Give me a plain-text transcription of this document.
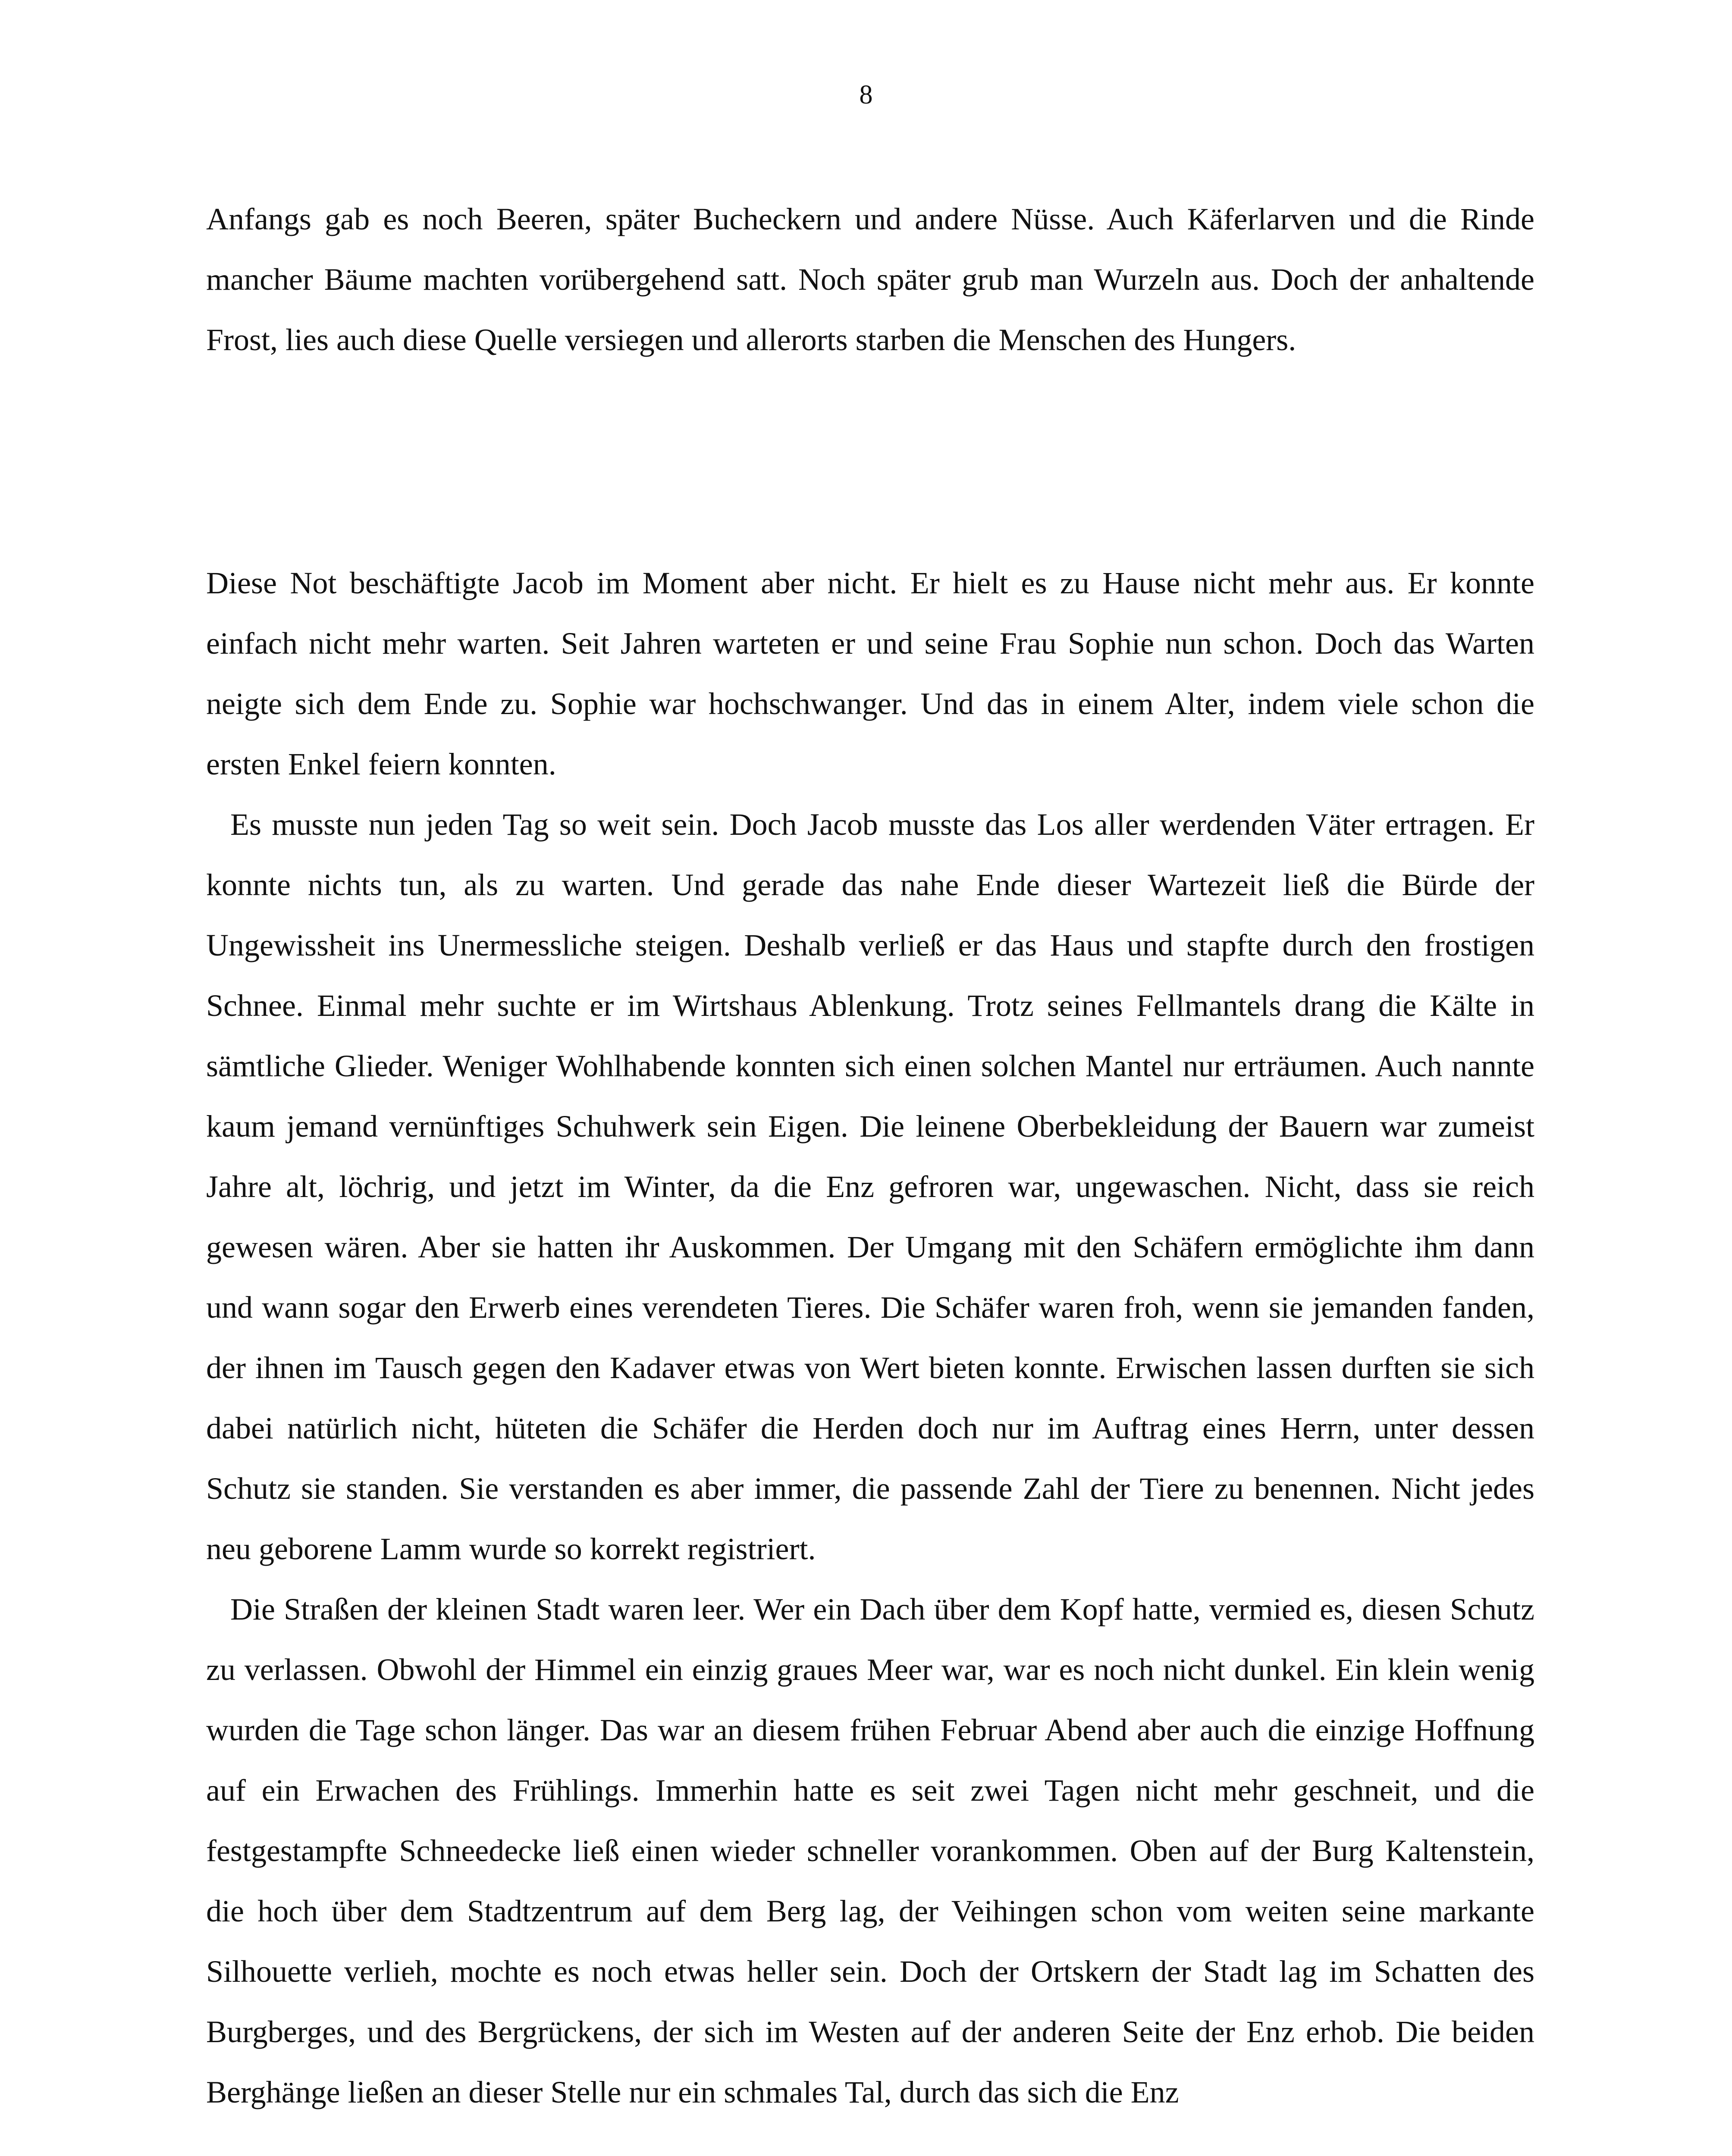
8

Anfangs gab es noch Beeren, später Bucheckern und andere Nüsse. Auch Käferlarven und die Rinde mancher Bäume machten vorübergehend satt. Noch später grub man Wurzeln aus. Doch der anhaltende Frost, lies auch diese Quelle versiegen und allerorts starben die Menschen des Hungers.

Diese Not beschäftigte Jacob im Moment aber nicht. Er hielt es zu Hause nicht mehr aus. Er konnte einfach nicht mehr warten. Seit Jahren warteten er und seine Frau Sophie nun schon. Doch das Warten neigte sich dem Ende zu. Sophie war hochschwanger. Und das in einem Alter, indem viele schon die ersten Enkel feiern konnten.

Es musste nun jeden Tag so weit sein. Doch Jacob musste das Los aller werdenden Väter ertragen. Er konnte nichts tun, als zu warten. Und gerade das nahe Ende dieser Wartezeit ließ die Bürde der Ungewissheit ins Unermessliche steigen. Deshalb verließ er das Haus und stapfte durch den frostigen Schnee. Einmal mehr suchte er im Wirtshaus Ablenkung. Trotz seines Fellmantels drang die Kälte in sämtliche Glieder. Weniger Wohlhabende konnten sich einen solchen Mantel nur erträumen. Auch nannte kaum jemand vernünftiges Schuhwerk sein Eigen. Die leinene Oberbekleidung der Bauern war zumeist Jahre alt, löchrig, und jetzt im Winter, da die Enz gefroren war, ungewaschen. Nicht, dass sie reich gewesen wären. Aber sie hatten ihr Auskommen. Der Umgang mit den Schäfern ermöglichte ihm dann und wann sogar den Erwerb eines verendeten Tieres. Die Schäfer waren froh, wenn sie jemanden fanden, der ihnen im Tausch gegen den Kadaver etwas von Wert bieten konnte. Erwischen lassen durften sie sich dabei natürlich nicht, hüteten die Schäfer die Herden doch nur im Auftrag eines Herrn, unter dessen Schutz sie standen. Sie verstanden es aber immer, die passende Zahl der Tiere zu benennen. Nicht jedes neu geborene Lamm wurde so korrekt registriert.

Die Straßen der kleinen Stadt waren leer. Wer ein Dach über dem Kopf hatte, vermied es, diesen Schutz zu verlassen. Obwohl der Himmel ein einzig graues Meer war, war es noch nicht dunkel. Ein klein wenig wurden die Tage schon länger. Das war an diesem frühen Februar Abend aber auch die einzige Hoffnung auf ein Erwachen des Frühlings. Immerhin hatte es seit zwei Tagen nicht mehr geschneit, und die festgestampfte Schneedecke ließ einen wieder schneller vorankommen. Oben auf der Burg Kaltenstein, die hoch über dem Stadtzentrum auf dem Berg lag, der Veihingen schon vom weiten seine markante Silhouette verlieh, mochte es noch etwas heller sein. Doch der Ortskern der Stadt lag im Schatten des Burgberges, und des Bergrückens, der sich im Westen auf der anderen Seite der Enz erhob. Die beiden Berghänge ließen an dieser Stelle nur ein schmales Tal, durch das sich die Enz
